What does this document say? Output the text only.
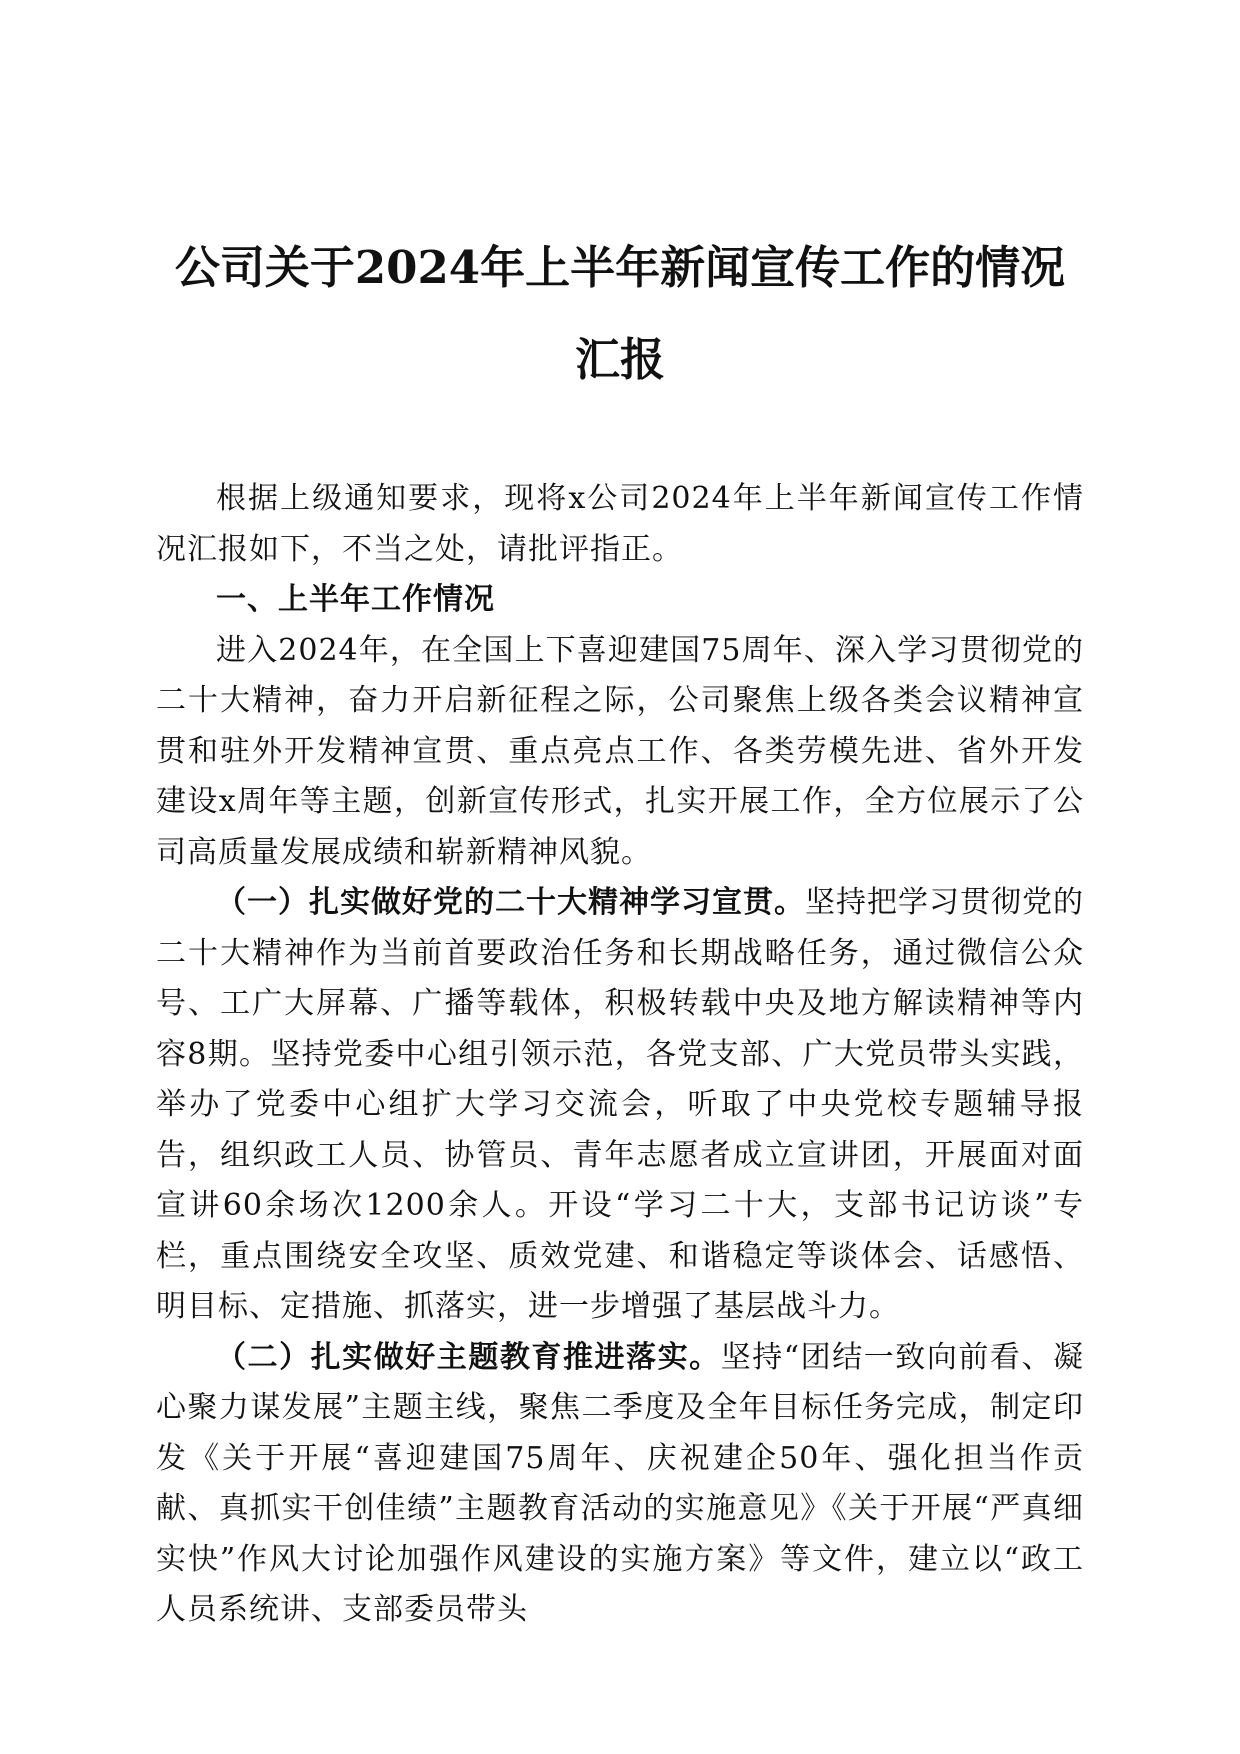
公司关于2024年上半年新闻宣传工作的情况
汇报

根据上级通知要求，现将x公司2024年上半年新闻宣传工作情况汇报如下，不当之处，请批评指正。

一、上半年工作情况

进入2024年，在全国上下喜迎建国75周年、深入学习贯彻党的二十大精神，奋力开启新征程之际，公司聚焦上级各类会议精神宣贯和驻外开发精神宣贯、重点亮点工作、各类劳模先进、省外开发建设x周年等主题，创新宣传形式，扎实开展工作，全方位展示了公司高质量发展成绩和崭新精神风貌。

（一）扎实做好党的二十大精神学习宣贯。坚持把学习贯彻党的二十大精神作为当前首要政治任务和长期战略任务，通过微信公众号、工广大屏幕、广播等载体，积极转载中央及地方解读精神等内容8期。坚持党委中心组引领示范，各党支部、广大党员带头实践，举办了党委中心组扩大学习交流会，听取了中央党校专题辅导报告，组织政工人员、协管员、青年志愿者成立宣讲团，开展面对面宣讲60余场次1200余人。开设“学习二十大，支部书记访谈”专栏，重点围绕安全攻坚、质效党建、和谐稳定等谈体会、话感悟、明目标、定措施、抓落实，进一步增强了基层战斗力。

（二）扎实做好主题教育推进落实。坚持“团结一致向前看、凝心聚力谋发展”主题主线，聚焦二季度及全年目标任务完成，制定印发《关于开展“喜迎建国75周年、庆祝建企50年、强化担当作贡献、真抓实干创佳绩”主题教育活动的实施意见》《关于开展“严真细实快”作风大讨论加强作风建设的实施方案》等文件，建立以“政工人员系统讲、支部委员带头
